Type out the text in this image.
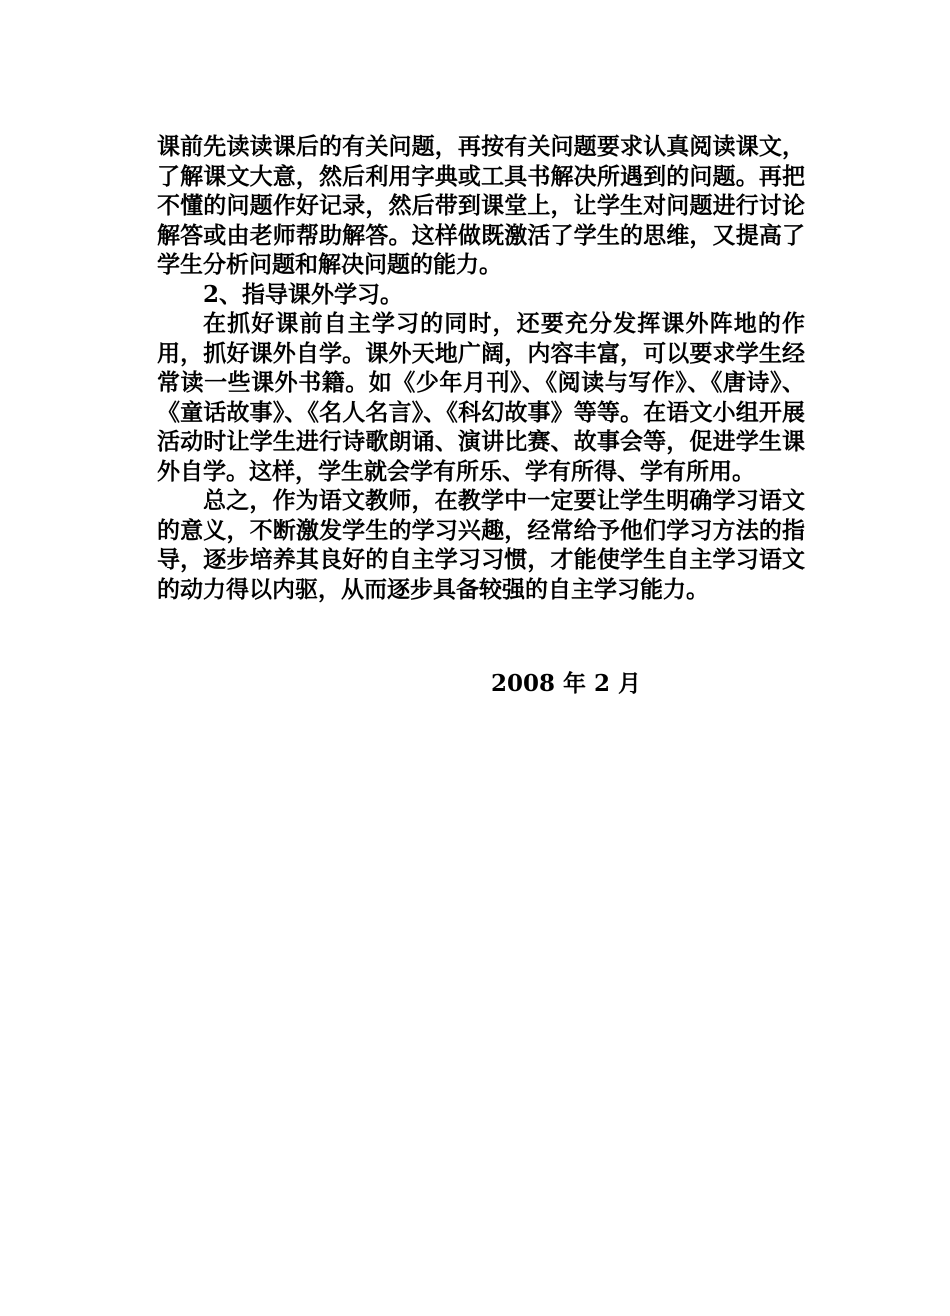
课前先读读课后的有关问题，再按有关问题要求认真阅读课文，了解课文大意，然后利用字典或工具书解决所遇到的问题。再把不懂的问题作好记录，然后带到课堂上，让学生对问题进行讨论解答或由老师帮助解答。这样做既激活了学生的思维，又提高了学生分析问题和解决问题的能力。

2、指导课外学习。

在抓好课前自主学习的同时，还要充分发挥课外阵地的作用，抓好课外自学。课外天地广阔，内容丰富，可以要求学生经常读一些课外书籍。如《少年月刊》、《阅读与写作》、《唐诗》、《童话故事》、《名人名言》、《科幻故事》等等。在语文小组开展活动时让学生进行诗歌朗诵、演讲比赛、故事会等，促进学生课外自学。这样，学生就会学有所乐、学有所得、学有所用。

总之，作为语文教师，在教学中一定要让学生明确学习语文的意义，不断激发学生的学习兴趣，经常给予他们学习方法的指导，逐步培养其良好的自主学习习惯，才能使学生自主学习语文的动力得以内驱，从而逐步具备较强的自主学习能力。

2008 年 2 月
